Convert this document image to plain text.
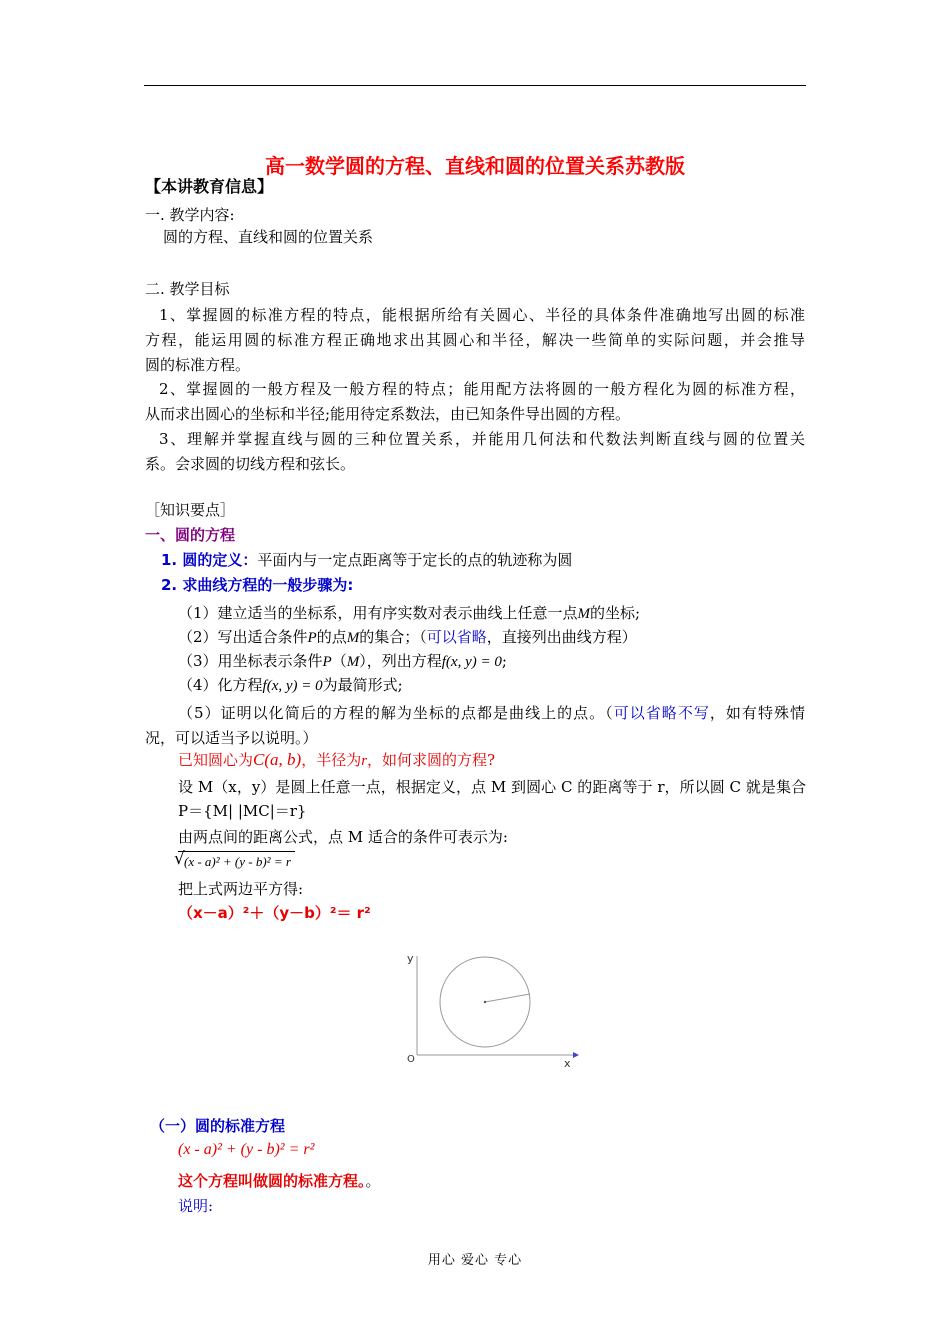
高一数学圆的方程、直线和圆的位置关系苏教版
【本讲教育信息】
一. 教学内容:
圆的方程、直线和圆的位置关系
二. 教学目标
1、掌握圆的标准方程的特点，能根据所给有关圆心、半径的具体条件准确地写出圆的标准
方程，能运用圆的标准方程正确地求出其圆心和半径，解决一些简单的实际问题，并会推导
圆的标准方程。
2、掌握圆的一般方程及一般方程的特点；能用配方法将圆的一般方程化为圆的标准方程，
从而求出圆心的坐标和半径;能用待定系数法，由已知条件导出圆的方程。
3、理解并掌握直线与圆的三种位置关系，并能用几何法和代数法判断直线与圆的位置关
系。会求圆的切线方程和弦长。
［知识要点］
一、圆的方程
1. 圆的定义：平面内与一定点距离等于定长的点的轨迹称为圆
2. 求曲线方程的一般步骤为:
（1）建立适当的坐标系，用有序实数对表示曲线上任意一点M的坐标;
（2）写出适合条件P的点M的集合；（可以省略，直接列出曲线方程）
（3）用坐标表示条件P（M），列出方程f(x, y) = 0;
（4）化方程f(x, y) = 0为最简形式;
（5）证明以化简后的方程的解为坐标的点都是曲线上的点。（可以省略不写，如有特殊情
况，可以适当予以说明。）
已知圆心为C(a, b)，半径为r，如何求圆的方程?
设 M（x，y）是圆上任意一点，根据定义，点 M 到圆心 C 的距离等于 r，所以圆 C 就是集合
P＝{M| |MC|＝r}
由两点间的距离公式，点 M 适合的条件可表示为:
√ (x - a)² + (y - b)² = r
把上式两边平方得:
（x－a）²＋（y－b）²＝ r²
y
O	x
（一）圆的标准方程
(x - a)² + (y - b)² = r²
这个方程叫做圆的标准方程。。
说明:
用心 爱心 专心
